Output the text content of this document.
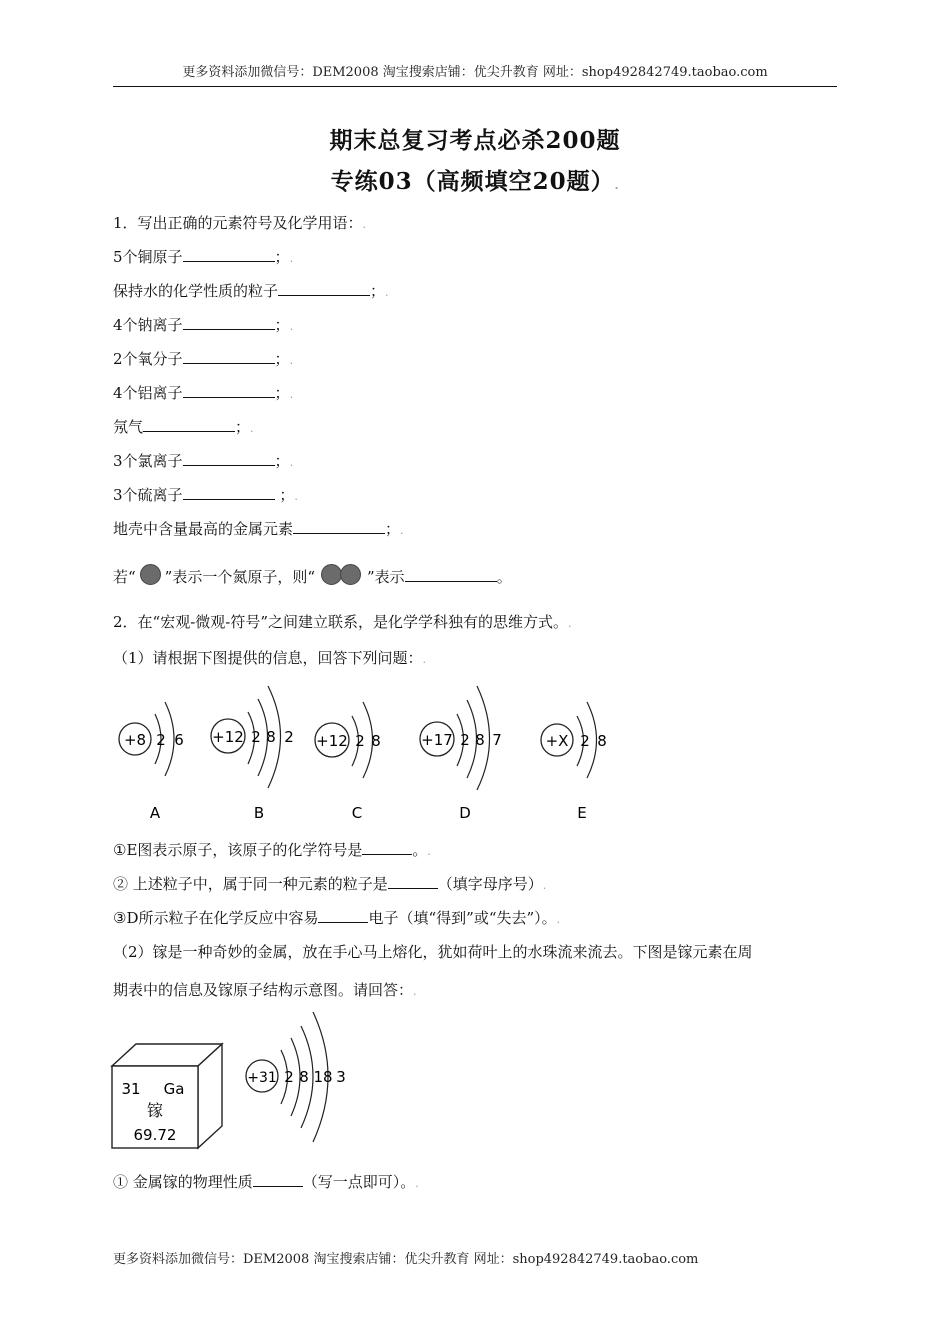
更多资料添加微信号：DEM2008 淘宝搜索店铺：优尖升教育 网址：shop492842749.taobao.com
期末总复习考点必杀200题
专练03（高频填空20题）.
1．写出正确的元素符号及化学用语：.
5个铜原子	；.
保持水的化学性质的粒子	；.
4个钠离子	；.
2个氧分子	；.
4个铝离子	；.
氖气	；.
3个氯离子	；.
3个硫离子	；.
地壳中含量最高的金属元素	；.
若“ ”表示一个氮原子，则“	”表示	。
2．在“宏观-微观-符号”之间建立联系，是化学学科独有的思维方式。.
（1）请根据下图提供的信息，回答下列问题：.
+8 2 6
A
+12 2 8 2
B
+12 2 8
C
+17 2 8 7
D
+X 2 8
E
①E图表示原子，该原子的化学符号是	。.
② 上述粒子中，属于同一种元素的粒子是	（填字母序号）.
③D所示粒子在化学反应中容易	电子（填“得到”或“失去”）。.
（2）镓是一种奇妙的金属，放在手心马上熔化，犹如荷叶上的水珠流来流去。下图是镓元素在周
期表中的信息及镓原子结构示意图。请回答：.
31 Ga
镓
69.72
+31 2 8 18 3
① 金属镓的物理性质	（写一点即可）。.
更多资料添加微信号：DEM2008 淘宝搜索店铺：优尖升教育 网址：shop492842749.taobao.com
